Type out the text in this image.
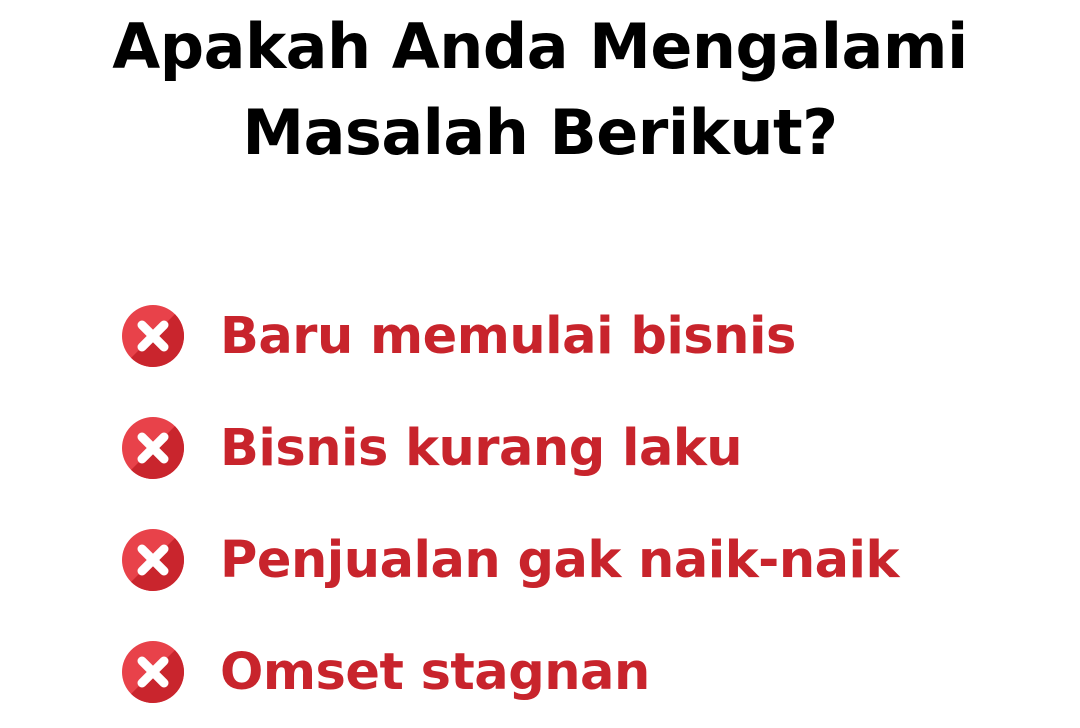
Apakah Anda Mengalami
Masalah Berikut?
Baru memulai bisnis
Bisnis kurang laku
Penjualan gak naik-naik
Omset stagnan
